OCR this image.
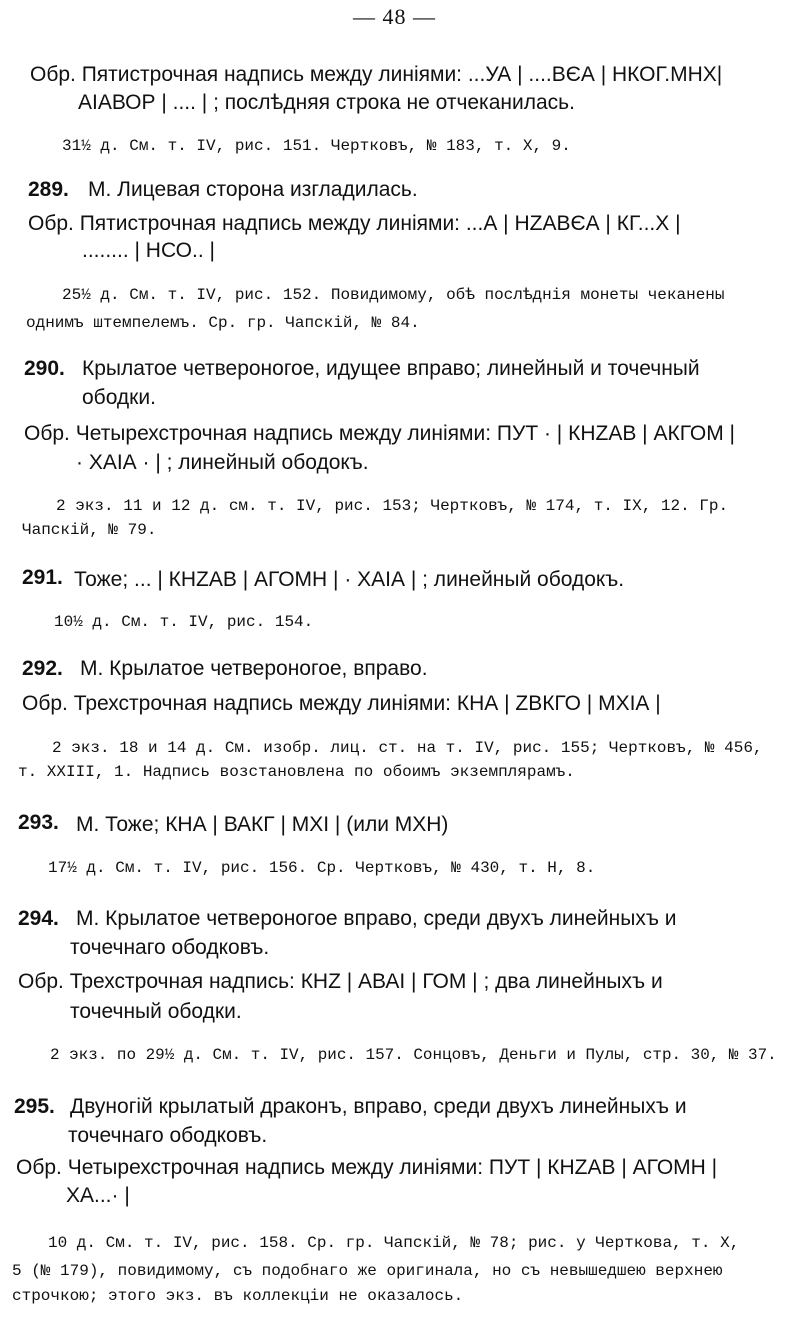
— 48 —
Обр. Пятистрочная надпись между линіями: ...УА | ....ВЄА | НКОГ.МНХ|
АІАВОР | .... | ; послѣдняя строка не отчеканилась.
31½ д. См. т. IV, рис. 151. Чертковъ, № 183, т. X, 9.
289. М. Лицевая сторона изгладилась.
Обр. Пятистрочная надпись между линіями: ...А | НZАВЄА | КГ...Х |
........ | НСО.. |
25½ д. См. т. IV, рис. 152. Повидимому, обѣ послѣднія монеты чеканены
однимъ штемпелемъ. Ср. гр. Чапскій, № 84.
290. Крылатое четвероногое, идущее вправо; линейный и точечный
ободки.
Обр. Четырехстрочная надпись между линіями: ПУТ · | КНZАВ | АКГОМ |
· ХАІА · | ; линейный ободокъ.
2 экз. 11 и 12 д. см. т. IV, рис. 153; Чертковъ, № 174, т. IX, 12. Гр.
Чапскій, № 79.
291. Тоже; ... | КНZАВ | АГОМН | · ХАІА | ; линейный ободокъ.
10½ д. См. т. IV, рис. 154.
292. М. Крылатое четвероногое, вправо.
Обр. Трехстрочная надпись между линіями: КНА | ZВКГО | МХІА |
2 экз. 18 и 14 д. См. изобр. лиц. ст. на т. IV, рис. 155; Чертковъ, № 456,
т. XXIII, 1. Надпись возстановлена по обоимъ экземплярамъ.
293. М. Тоже; КНА | ВАКГ | МХІ | (или МХН)
17½ д. См. т. IV, рис. 156. Ср. Чертковъ, № 430, т. Н, 8.
294. М. Крылатое четвероногое вправо, среди двухъ линейныхъ и
точечнаго ободковъ.
Обр. Трехстрочная надпись: КНZ | АВАІ | ГОМ | ; два линейныхъ и
точечный ободки.
2 экз. по 29½ д. См. т. IV, рис. 157. Сонцовъ, Деньги и Пулы, стр. 30, № 37.
295. Двуногій крылатый драконъ, вправо, среди двухъ линейныхъ и
точечнаго ободковъ.
Обр. Четырехстрочная надпись между линіями: ПУТ | КНZАВ | АГОМН |
ХА...· |
10 д. См. т. IV, рис. 158. Ср. гр. Чапскій, № 78; рис. у Черткова, т. X,
5 (№ 179), повидимому, съ подобнаго же оригинала, но съ невышедшею верхнею
строчкою; этого экз. въ коллекціи не оказалось.
